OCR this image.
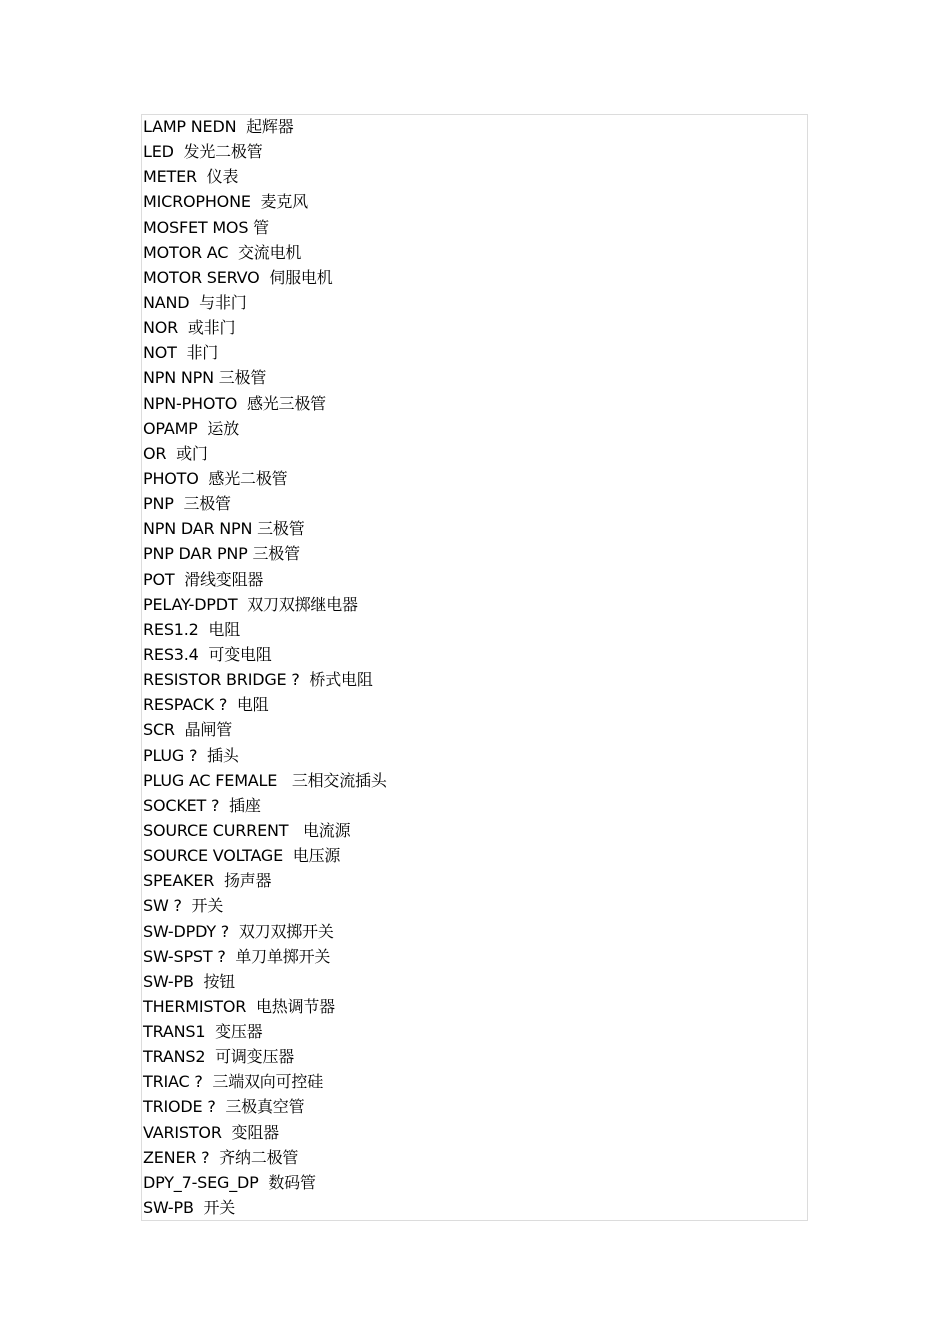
LAMP NEDN  起辉器
LED  发光二极管
METER  仪表
MICROPHONE  麦克风
MOSFET MOS 管
MOTOR AC  交流电机
MOTOR SERVO  伺服电机
NAND  与非门
NOR  或非门
NOT  非门
NPN NPN 三极管
NPN-PHOTO  感光三极管
OPAMP  运放
OR  或门
PHOTO  感光二极管
PNP  三极管
NPN DAR NPN 三极管
PNP DAR PNP 三极管
POT  滑线变阻器
PELAY-DPDT  双刀双掷继电器
RES1.2  电阻
RES3.4  可变电阻
RESISTOR BRIDGE ?  桥式电阻
RESPACK ?  电阻
SCR  晶闸管
PLUG ?  插头
PLUG AC FEMALE   三相交流插头
SOCKET ?  插座
SOURCE CURRENT   电流源
SOURCE VOLTAGE  电压源
SPEAKER  扬声器
SW ?  开关
SW-DPDY ?  双刀双掷开关
SW-SPST ?  单刀单掷开关
SW-PB  按钮
THERMISTOR  电热调节器
TRANS1  变压器
TRANS2  可调变压器
TRIAC ?  三端双向可控硅
TRIODE ?  三极真空管
VARISTOR  变阻器
ZENER ?  齐纳二极管
DPY_7-SEG_DP  数码管
SW-PB  开关
